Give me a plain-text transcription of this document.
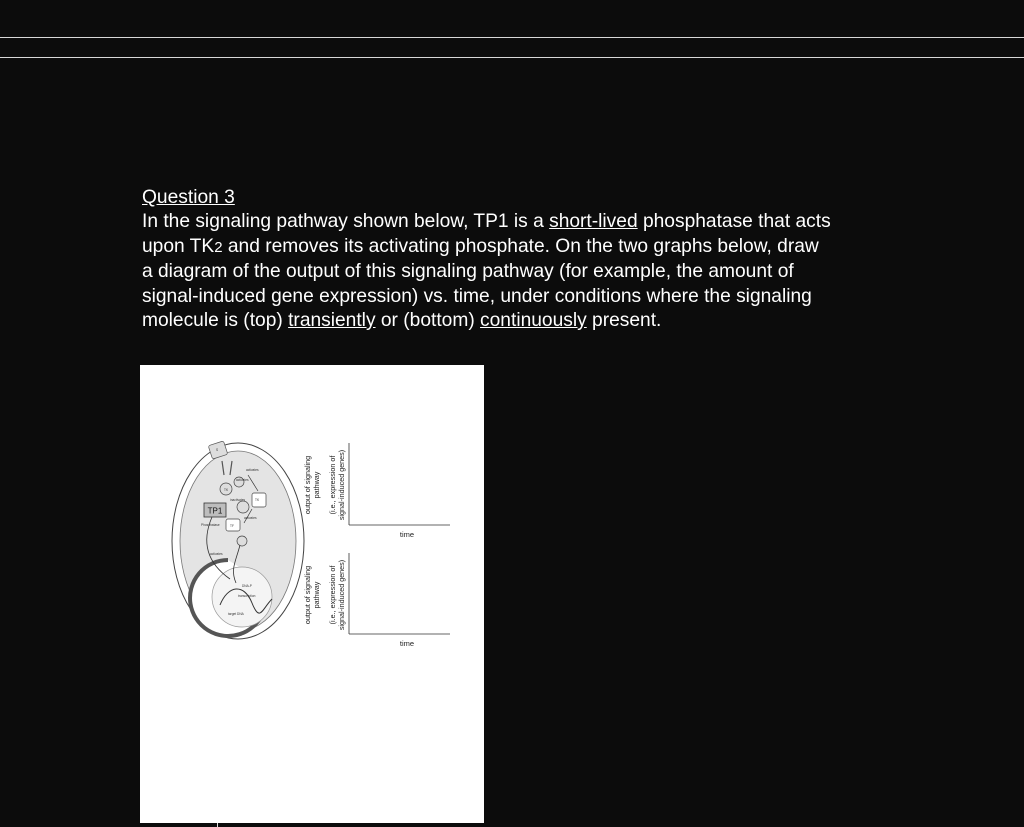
Question 3

In the signaling pathway shown below, TP1 is a short-lived phosphatase that acts

upon TK2 and removes its activating phosphate. On the two graphs below, draw

a diagram of the output of this signaling pathway (for example, the amount of

signal-induced gene expression) vs. time, under conditions where the signaling

molecule is (top) transiently or (bottom) continuously present.

TP1
activates
activates
inactivates
activates
Phosphatase
activates
DNA-P
transcription
target DNA
TK
TK
TF
S
output of signaling pathway (i.e., expression of signal-induced genes)
time
output of signaling pathway (i.e., expression of signal-induced genes)
time
